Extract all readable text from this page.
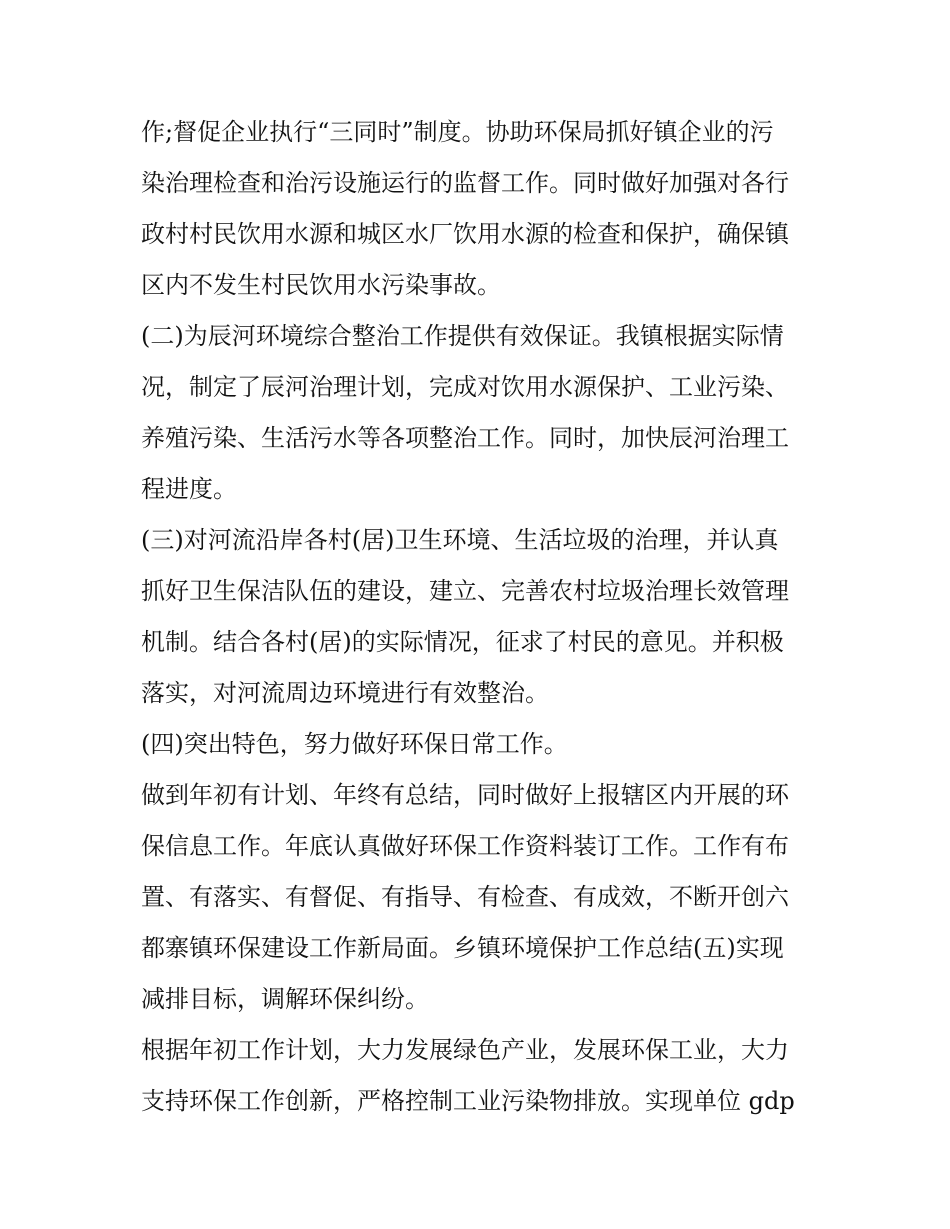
作;督促企业执行“三同时”制度。协助环保局抓好镇企业的污
染治理检查和治污设施运行的监督工作。同时做好加强对各行
政村村民饮用水源和城区水厂饮用水源的检查和保护，确保镇
区内不发生村民饮用水污染事故。
(二)为辰河环境综合整治工作提供有效保证。我镇根据实际情
况，制定了辰河治理计划，完成对饮用水源保护、工业污染、
养殖污染、生活污水等各项整治工作。同时，加快辰河治理工
程进度。
(三)对河流沿岸各村(居)卫生环境、生活垃圾的治理，并认真
抓好卫生保洁队伍的建设，建立、完善农村垃圾治理长效管理
机制。结合各村(居)的实际情况，征求了村民的意见。并积极
落实，对河流周边环境进行有效整治。
(四)突出特色，努力做好环保日常工作。
做到年初有计划、年终有总结，同时做好上报辖区内开展的环
保信息工作。年底认真做好环保工作资料装订工作。工作有布
置、有落实、有督促、有指导、有检查、有成效，不断开创六
都寨镇环保建设工作新局面。乡镇环境保护工作总结(五)实现
减排目标，调解环保纠纷。
根据年初工作计划，大力发展绿色产业，发展环保工业，大力
支持环保工作创新，严格控制工业污染物排放。实现单位 gdp
